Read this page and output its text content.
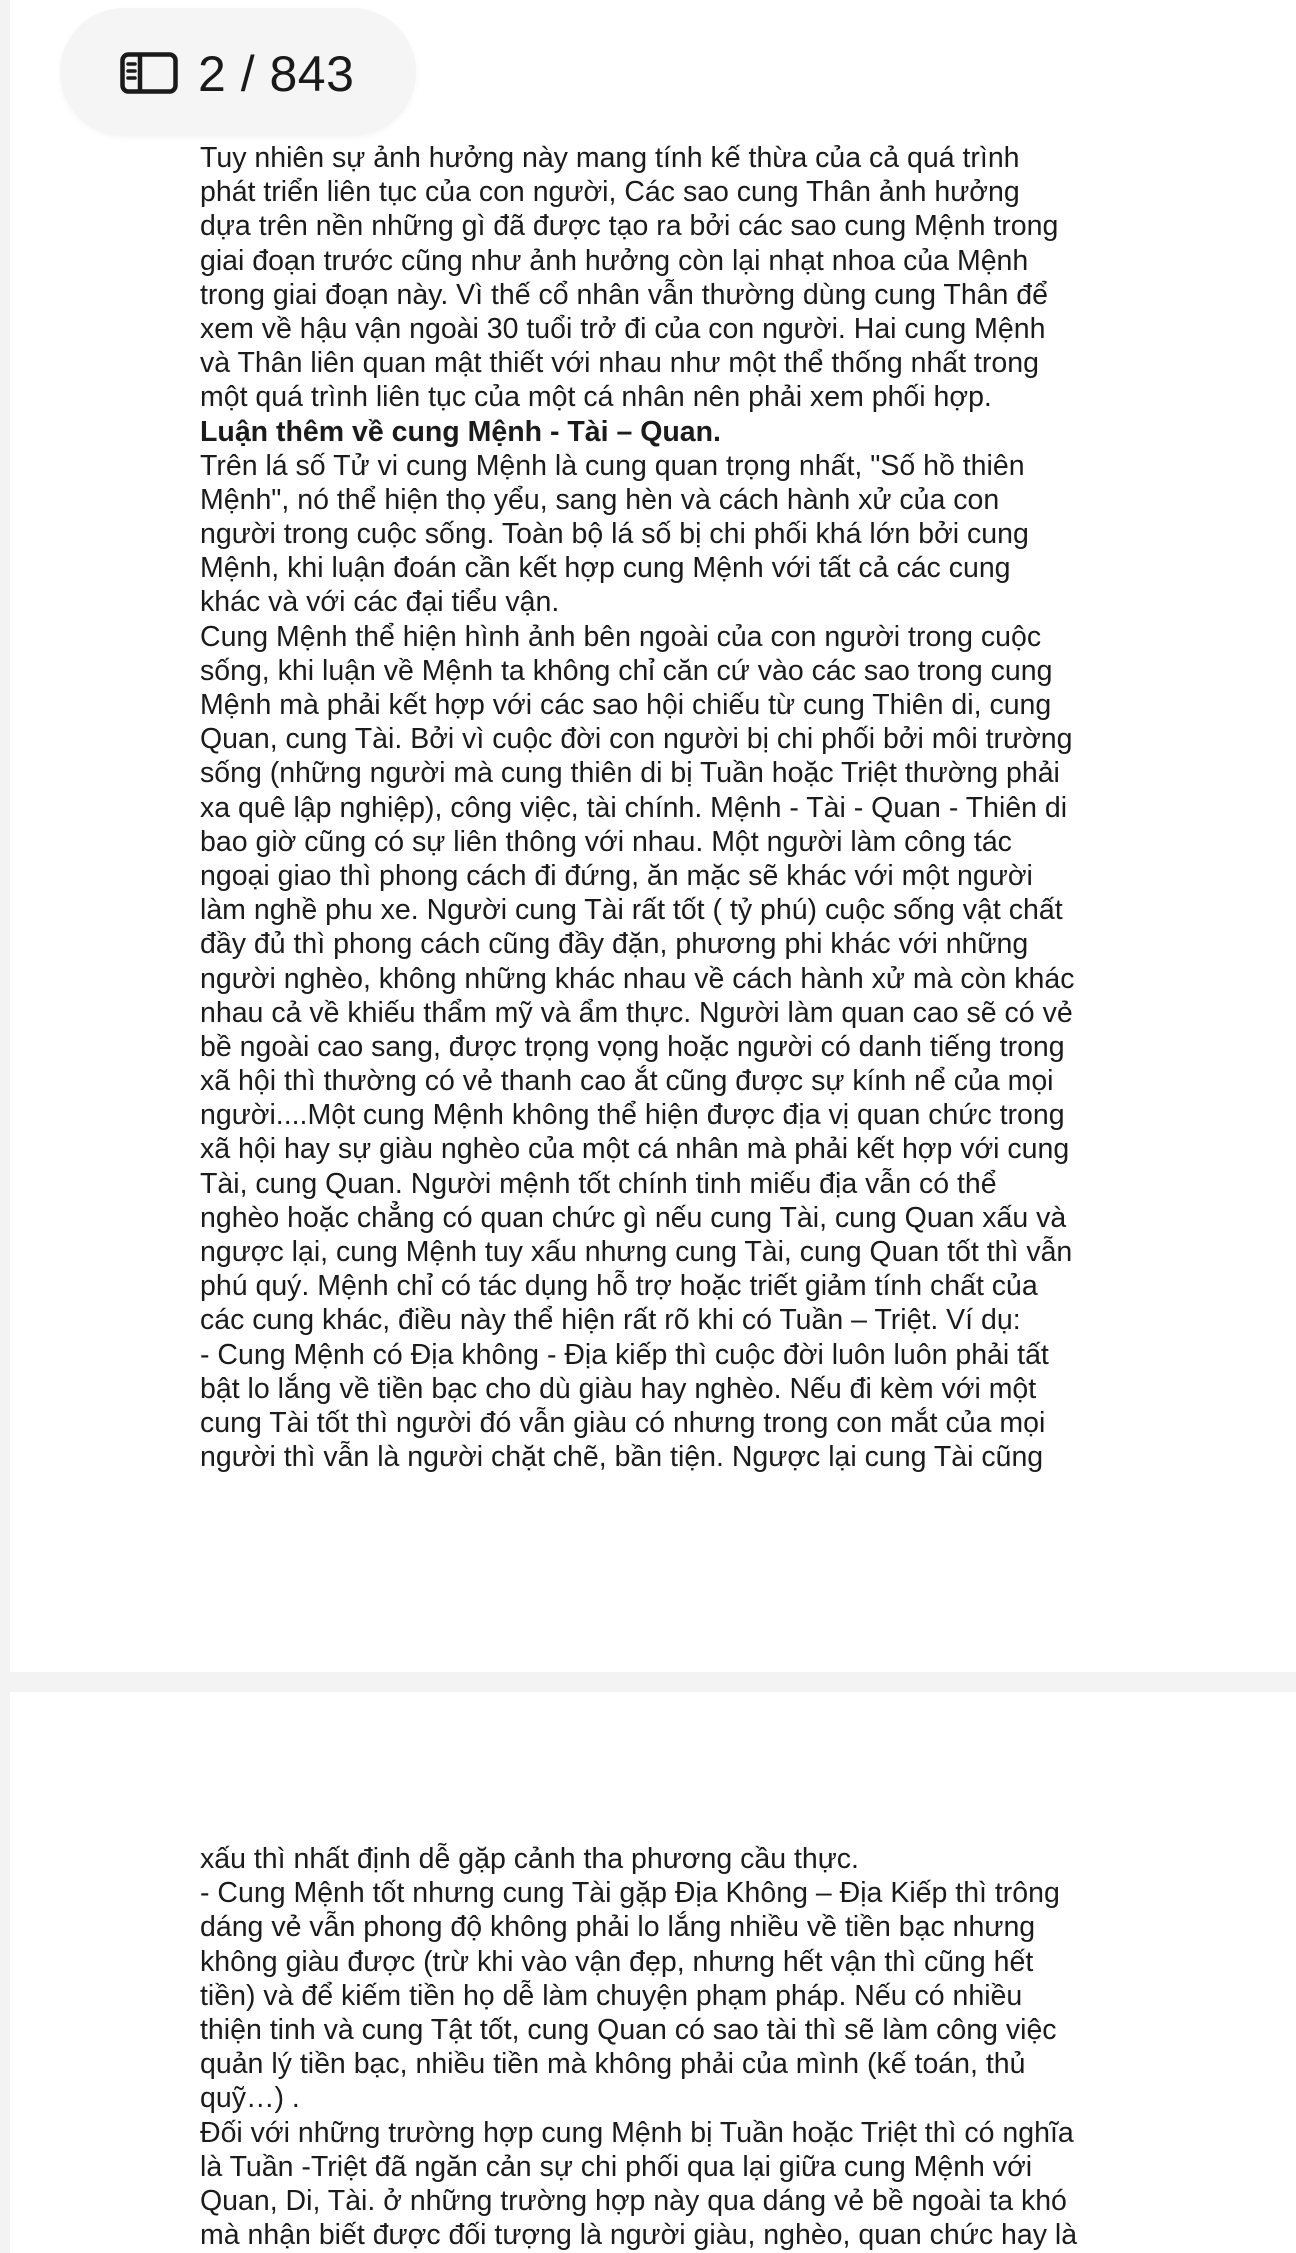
2 / 843
Tuy nhiên sự ảnh hưởng này mang tính kế thừa của cả quá trình
phát triển liên tục của con người, Các sao cung Thân ảnh hưởng
dựa trên nền những gì đã được tạo ra bởi các sao cung Mệnh trong
giai đoạn trước cũng như ảnh hưởng còn lại nhạt nhoa của Mệnh
trong giai đoạn này. Vì thế cổ nhân vẫn thường dùng cung Thân để
xem về hậu vận ngoài 30 tuổi trở đi của con người. Hai cung Mệnh
và Thân liên quan mật thiết với nhau như một thể thống nhất trong
một quá trình liên tục của một cá nhân nên phải xem phối hợp.
Luận thêm về cung Mệnh - Tài – Quan.
Trên lá số Tử vi cung Mệnh là cung quan trọng nhất, "Số hồ thiên
Mệnh", nó thể hiện thọ yểu, sang hèn và cách hành xử của con
người trong cuộc sống. Toàn bộ lá số bị chi phối khá lớn bởi cung
Mệnh, khi luận đoán cần kết hợp cung Mệnh với tất cả các cung
khác và với các đại tiểu vận.
Cung Mệnh thể hiện hình ảnh bên ngoài của con người trong cuộc
sống, khi luận về Mệnh ta không chỉ căn cứ vào các sao trong cung
Mệnh mà phải kết hợp với các sao hội chiếu từ cung Thiên di, cung
Quan, cung Tài. Bởi vì cuộc đời con người bị chi phối bởi môi trường
sống (những người mà cung thiên di bị Tuần hoặc Triệt thường phải
xa quê lập nghiệp), công việc, tài chính. Mệnh - Tài - Quan - Thiên di
bao giờ cũng có sự liên thông với nhau. Một người làm công tác
ngoại giao thì phong cách đi đứng, ăn mặc sẽ khác với một người
làm nghề phu xe. Người cung Tài rất tốt ( tỷ phú) cuộc sống vật chất
đầy đủ thì phong cách cũng đầy đặn, phương phi khác với những
người nghèo, không những khác nhau về cách hành xử mà còn khác
nhau cả về khiếu thẩm mỹ và ẩm thực. Người làm quan cao sẽ có vẻ
bề ngoài cao sang, được trọng vọng hoặc người có danh tiếng trong
xã hội thì thường có vẻ thanh cao ắt cũng được sự kính nể của mọi
người....Một cung Mệnh không thể hiện được địa vị quan chức trong
xã hội hay sự giàu nghèo của một cá nhân mà phải kết hợp với cung
Tài, cung Quan. Người mệnh tốt chính tinh miếu địa vẫn có thể
nghèo hoặc chẳng có quan chức gì nếu cung Tài, cung Quan xấu và
ngược lại, cung Mệnh tuy xấu nhưng cung Tài, cung Quan tốt thì vẫn
phú quý. Mệnh chỉ có tác dụng hỗ trợ hoặc triết giảm tính chất của
các cung khác, điều này thể hiện rất rõ khi có Tuần – Triệt. Ví dụ:
- Cung Mệnh có Địa không - Địa kiếp thì cuộc đời luôn luôn phải tất
bật lo lắng về tiền bạc cho dù giàu hay nghèo. Nếu đi kèm với một
cung Tài tốt thì người đó vẫn giàu có nhưng trong con mắt của mọi
người thì vẫn là người chặt chẽ, bần tiện. Ngược lại cung Tài cũng
xấu thì nhất định dễ gặp cảnh tha phương cầu thực.
- Cung Mệnh tốt nhưng cung Tài gặp Địa Không – Địa Kiếp thì trông
dáng vẻ vẫn phong độ không phải lo lắng nhiều về tiền bạc nhưng
không giàu được (trừ khi vào vận đẹp, nhưng hết vận thì cũng hết
tiền) và để kiếm tiền họ dễ làm chuyện phạm pháp. Nếu có nhiều
thiện tinh và cung Tật tốt, cung Quan có sao tài thì sẽ làm công việc
quản lý tiền bạc, nhiều tiền mà không phải của mình (kế toán, thủ
quỹ…) .
Đối với những trường hợp cung Mệnh bị Tuần hoặc Triệt thì có nghĩa
là Tuần -Triệt đã ngăn cản sự chi phối qua lại giữa cung Mệnh với
Quan, Di, Tài. ở những trường hợp này qua dáng vẻ bề ngoài ta khó
mà nhận biết được đối tượng là người giàu, nghèo, quan chức hay là
